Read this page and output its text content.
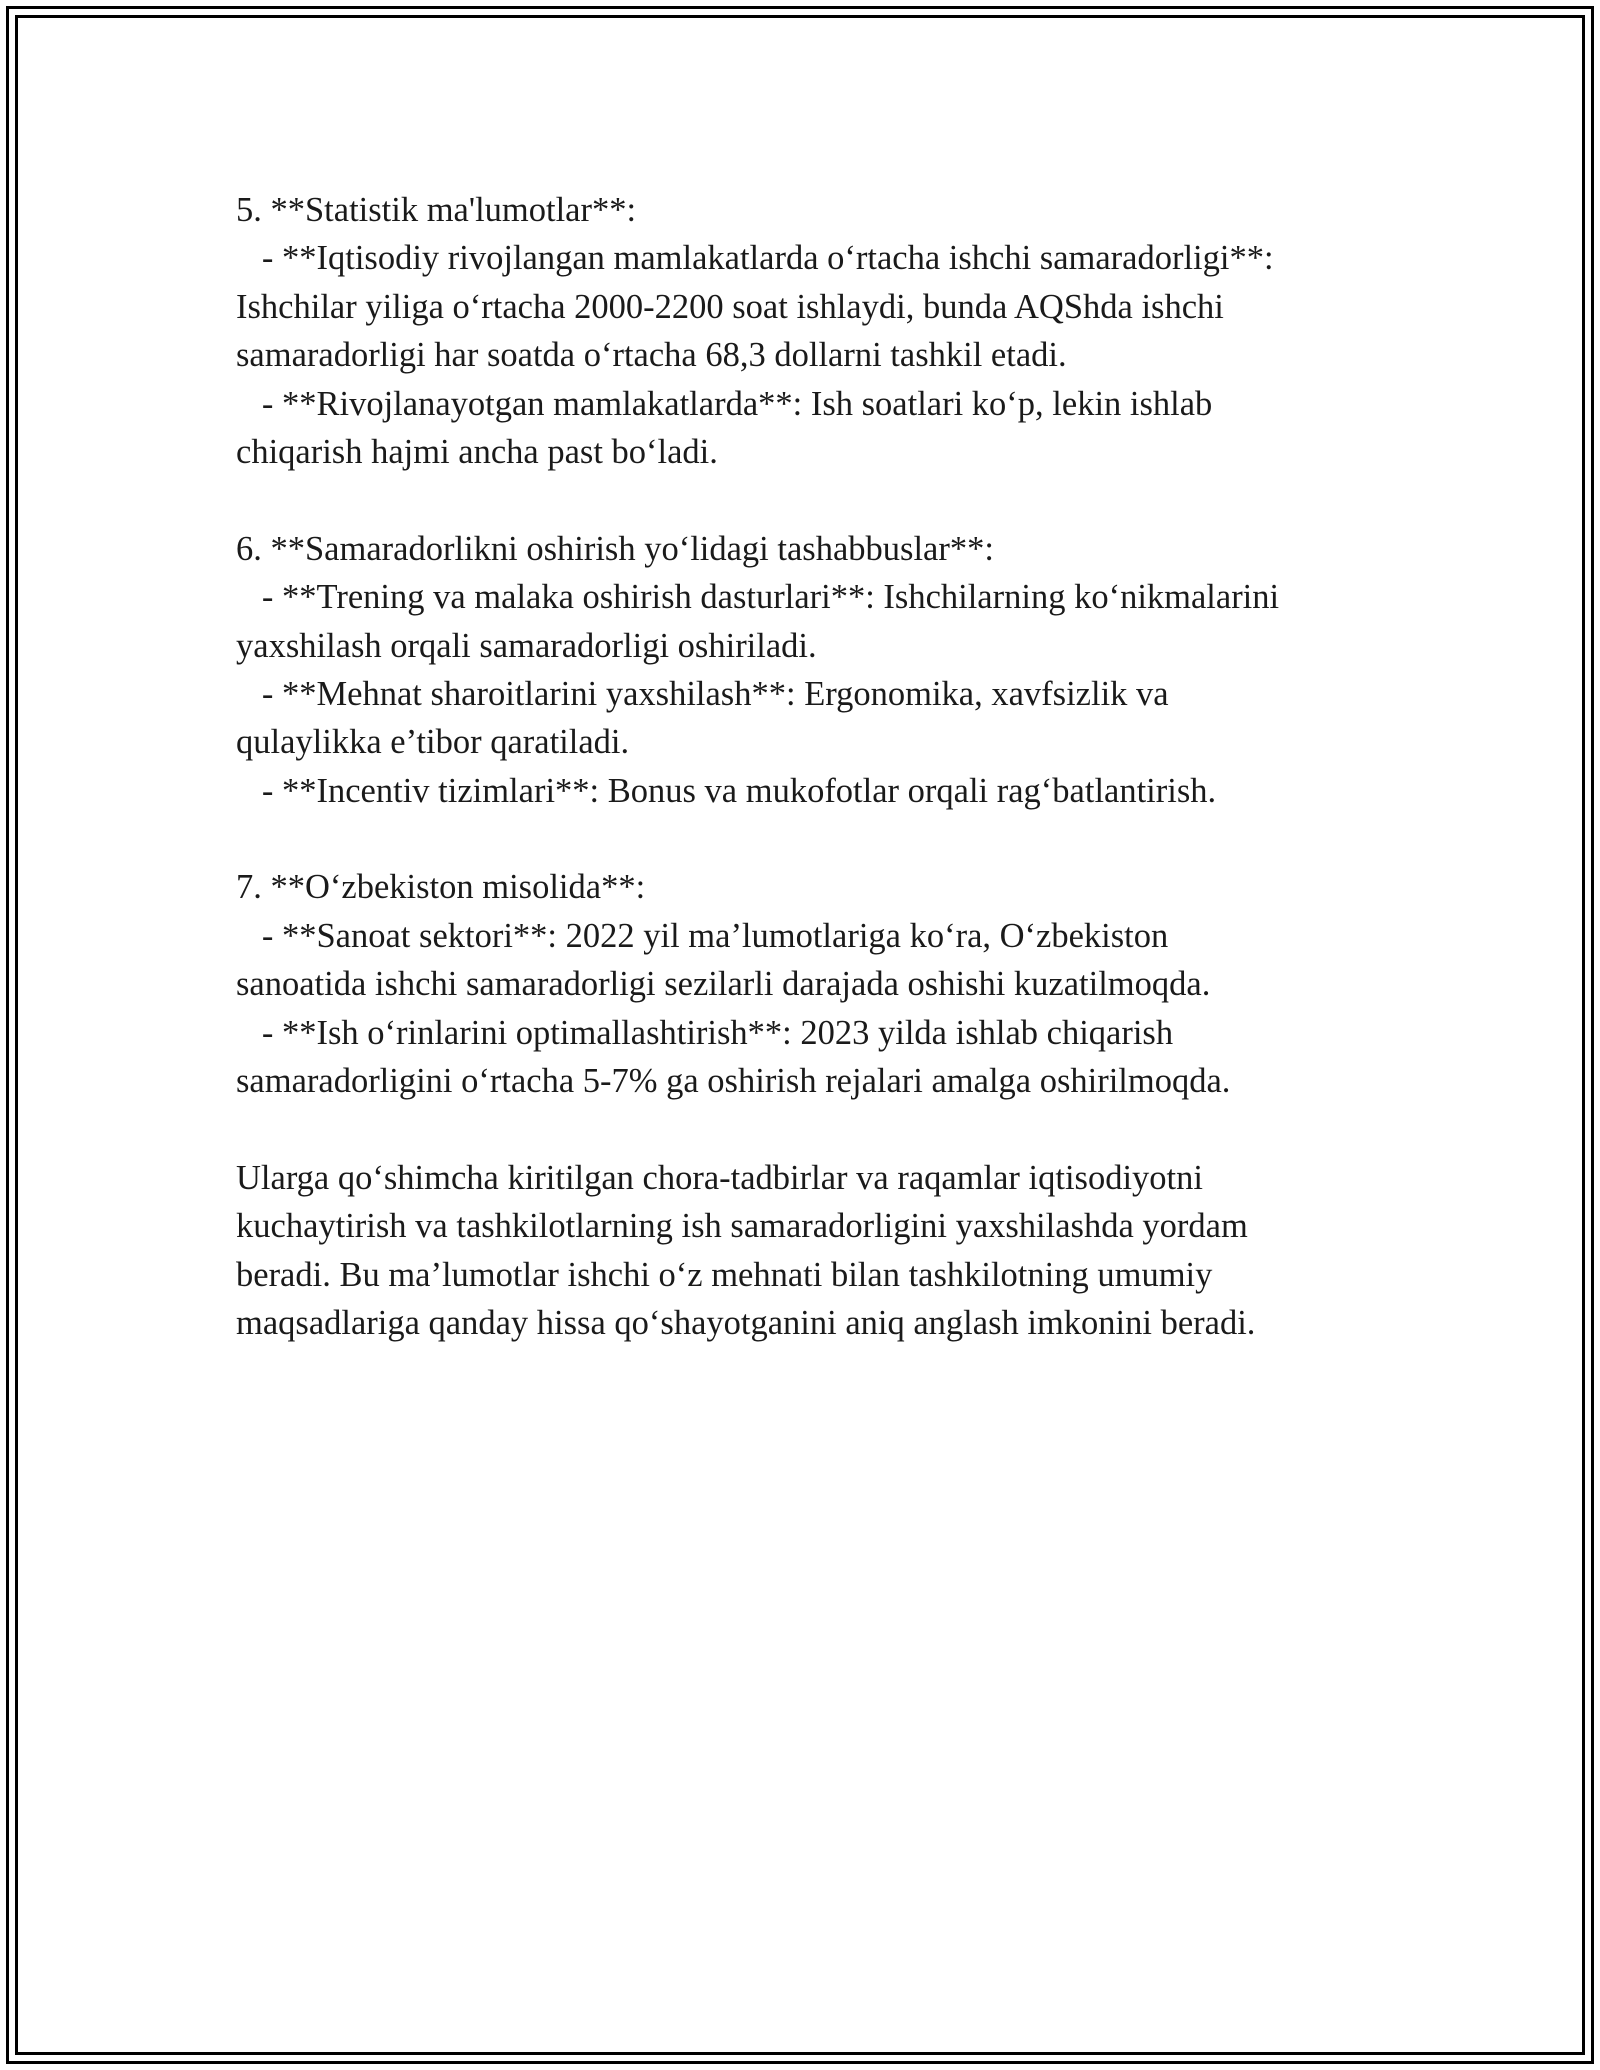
5. **Statistik ma'lumotlar**:
- **Iqtisodiy rivojlangan mamlakatlarda o‘rtacha ishchi samaradorligi**:
Ishchilar yiliga o‘rtacha 2000-2200 soat ishlaydi, bunda AQShda ishchi
samaradorligi har soatda o‘rtacha 68,3 dollarni tashkil etadi.
- **Rivojlanayotgan mamlakatlarda**: Ish soatlari ko‘p, lekin ishlab
chiqarish hajmi ancha past bo‘ladi.
6. **Samaradorlikni oshirish yo‘lidagi tashabbuslar**:
- **Trening va malaka oshirish dasturlari**: Ishchilarning ko‘nikmalarini
yaxshilash orqali samaradorligi oshiriladi.
- **Mehnat sharoitlarini yaxshilash**: Ergonomika, xavfsizlik va
qulaylikka e’tibor qaratiladi.
- **Incentiv tizimlari**: Bonus va mukofotlar orqali rag‘batlantirish.
7. **O‘zbekiston misolida**:
- **Sanoat sektori**: 2022 yil ma’lumotlariga ko‘ra, O‘zbekiston
sanoatida ishchi samaradorligi sezilarli darajada oshishi kuzatilmoqda.
- **Ish o‘rinlarini optimallashtirish**: 2023 yilda ishlab chiqarish
samaradorligini o‘rtacha 5-7% ga oshirish rejalari amalga oshirilmoqda.
Ularga qo‘shimcha kiritilgan chora-tadbirlar va raqamlar iqtisodiyotni
kuchaytirish va tashkilotlarning ish samaradorligini yaxshilashda yordam
beradi. Bu ma’lumotlar ishchi o‘z mehnati bilan tashkilotning umumiy
maqsadlariga qanday hissa qo‘shayotganini aniq anglash imkonini beradi.
